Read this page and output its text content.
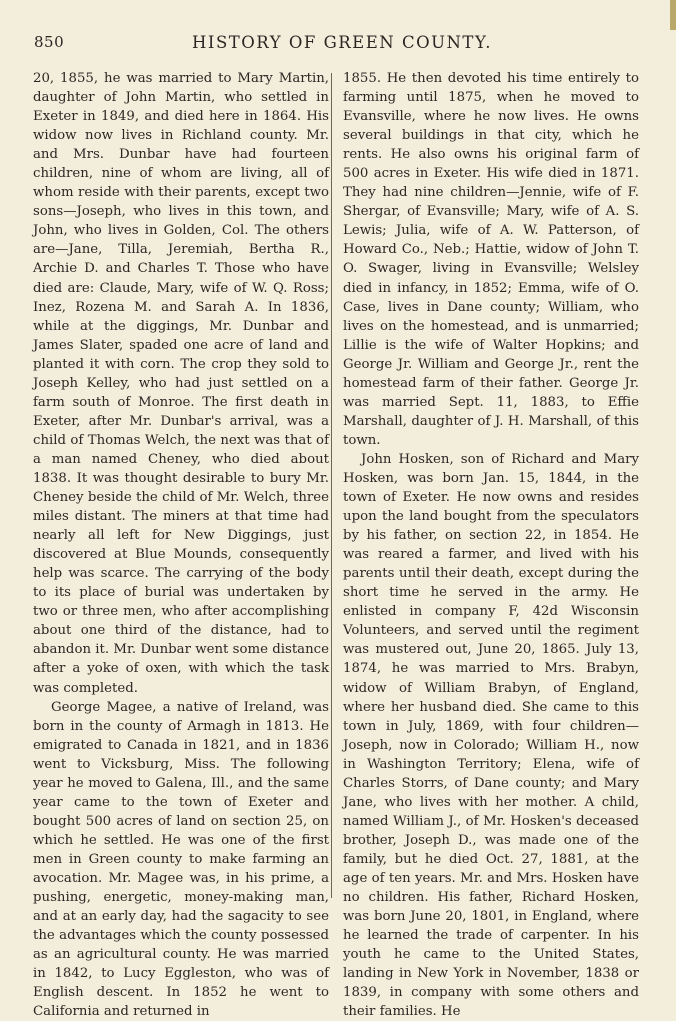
850	HISTORY OF GREEN COUNTY.

20, 1855, he was married to Mary Martin, daughter of John Martin, who settled in Exeter in 1849, and died here in 1864. His widow now lives in Richland county. Mr. and Mrs. Dunbar have had fourteen children, nine of whom are living, all of whom reside with their parents, except two sons—Joseph, who lives in this town, and John, who lives in Golden, Col. The others are—Jane, Tilla, Jeremiah, Bertha R., Archie D. and Charles T. Those who have died are: Claude, Mary, wife of W. Q. Ross; Inez, Rozena M. and Sarah A. In 1836, while at the diggings, Mr. Dunbar and James Slater, spaded one acre of land and planted it with corn. The crop they sold to Joseph Kelley, who had just settled on a farm south of Monroe. The first death in Exeter, after Mr. Dunbar's arrival, was a child of Thomas Welch, the next was that of a man named Cheney, who died about 1838. It was thought desirable to bury Mr. Cheney beside the child of Mr. Welch, three miles distant. The miners at that time had nearly all left for New Diggings, just discovered at Blue Mounds, consequently help was scarce. The carrying of the body to its place of burial was undertaken by two or three men, who after accomplishing about one third of the distance, had to abandon it. Mr. Dunbar went some distance after a yoke of oxen, with which the task was completed.

George Magee, a native of Ireland, was born in the county of Armagh in 1813. He emigrated to Canada in 1821, and in 1836 went to Vicksburg, Miss. The following year he moved to Galena, Ill., and the same year came to the town of Exeter and bought 500 acres of land on section 25, on which he settled. He was one of the first men in Green county to make farming an avocation. Mr. Magee was, in his prime, a pushing, energetic, money-making man, and at an early day, had the sagacity to see the advantages which the county possessed as an agricultural county. He was married in 1842, to Lucy Eggleston, who was of English descent. In 1852 he went to California and returned in

1855. He then devoted his time entirely to farming until 1875, when he moved to Evansville, where he now lives. He owns several buildings in that city, which he rents. He also owns his original farm of 500 acres in Exeter. His wife died in 1871. They had nine children—Jennie, wife of F. Shergar, of Evansville; Mary, wife of A. S. Lewis; Julia, wife of A. W. Patterson, of Howard Co., Neb.; Hattie, widow of John T. O. Swager, living in Evansville; Welsley died in infancy, in 1852; Emma, wife of O. Case, lives in Dane county; William, who lives on the homestead, and is unmarried; Lillie is the wife of Walter Hopkins; and George Jr. William and George Jr., rent the homestead farm of their father. George Jr. was married Sept. 11, 1883, to Effie Marshall, daughter of J. H. Marshall, of this town.

John Hosken, son of Richard and Mary Hosken, was born Jan. 15, 1844, in the town of Exeter. He now owns and resides upon the land bought from the speculators by his father, on section 22, in 1854. He was reared a farmer, and lived with his parents until their death, except during the short time he served in the army. He enlisted in company F, 42d Wisconsin Volunteers, and served until the regiment was mustered out, June 20, 1865. July 13, 1874, he was married to Mrs. Brabyn, widow of William Brabyn, of England, where her husband died. She came to this town in July, 1869, with four children—Joseph, now in Colorado; William H., now in Washington Territory; Elena, wife of Charles Storrs, of Dane county; and Mary Jane, who lives with her mother. A child, named William J., of Mr. Hosken's deceased brother, Joseph D., was made one of the family, but he died Oct. 27, 1881, at the age of ten years. Mr. and Mrs. Hosken have no children. His father, Richard Hosken, was born June 20, 1801, in England, where he learned the trade of carpenter. In his youth he came to the United States, landing in New York in November, 1838 or 1839, in company with some others and their families. He
